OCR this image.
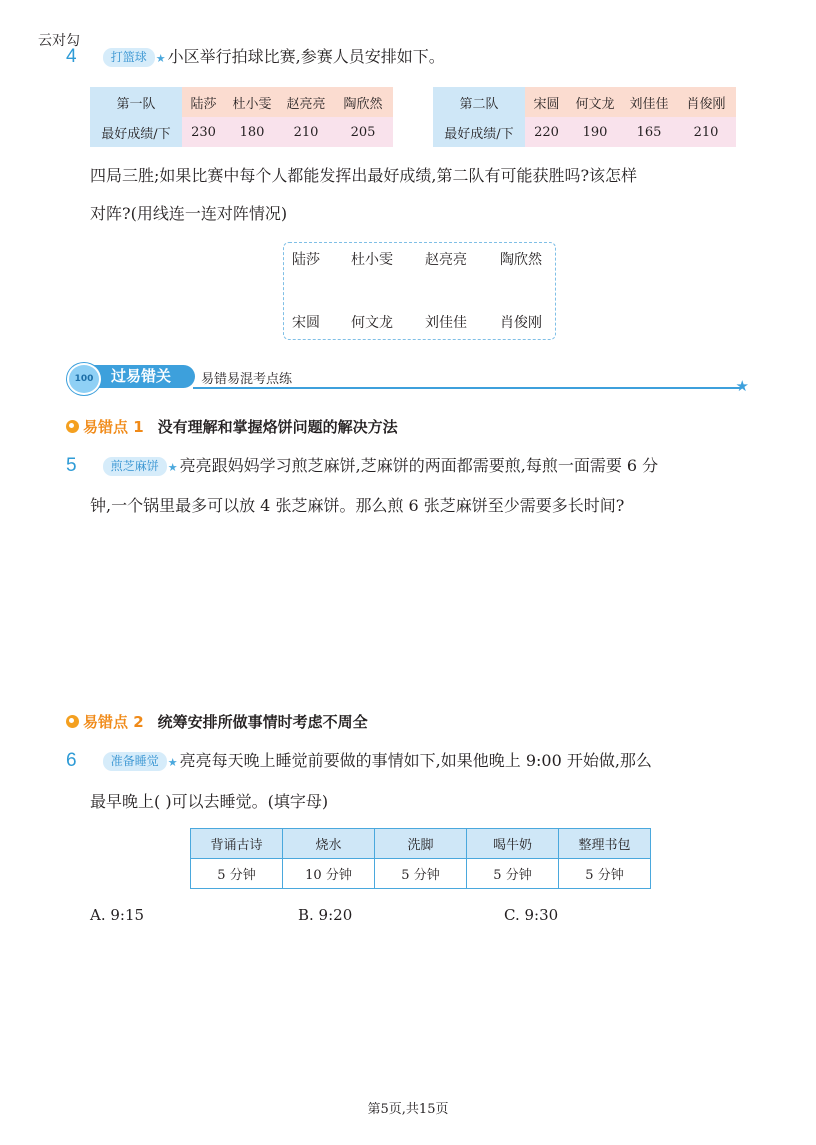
云对勾
4	打篮球 ★ 小区举行拍球比赛,参赛人员安排如下。
第一队	陆莎	杜小雯	赵亮亮	陶欣然
最好成绩/下	230	180	210	205
第二队	宋圆	何文龙	刘佳佳	肖俊刚
最好成绩/下	220	190	165	210
四局三胜;如果比赛中每个人都能发挥出最好成绩,第二队有可能获胜吗?该怎样
对阵?(用线连一连对阵情况)
陆莎 杜小雯 赵亮亮 陶欣然
宋圆 何文龙 刘佳佳 肖俊刚
过易错关
100	易错易混考点练	★
易错点 1 没有理解和掌握烙饼问题的解决方法
5	煎芝麻饼 ★ 亮亮跟妈妈学习煎芝麻饼,芝麻饼的两面都需要煎,每煎一面需要 6 分
钟,一个锅里最多可以放 4 张芝麻饼。那么煎 6 张芝麻饼至少需要多长时间?
易错点 2 统筹安排所做事情时考虑不周全
6	准备睡觉 ★ 亮亮每天晚上睡觉前要做的事情如下,如果他晚上 9:00 开始做,那么
最早晚上( )可以去睡觉。(填字母)
背诵古诗	烧水	洗脚	喝牛奶	整理书包
5 分钟	10 分钟	5 分钟	5 分钟	5 分钟
A. 9:15	B. 9:20	C. 9:30
第5页,共15页
